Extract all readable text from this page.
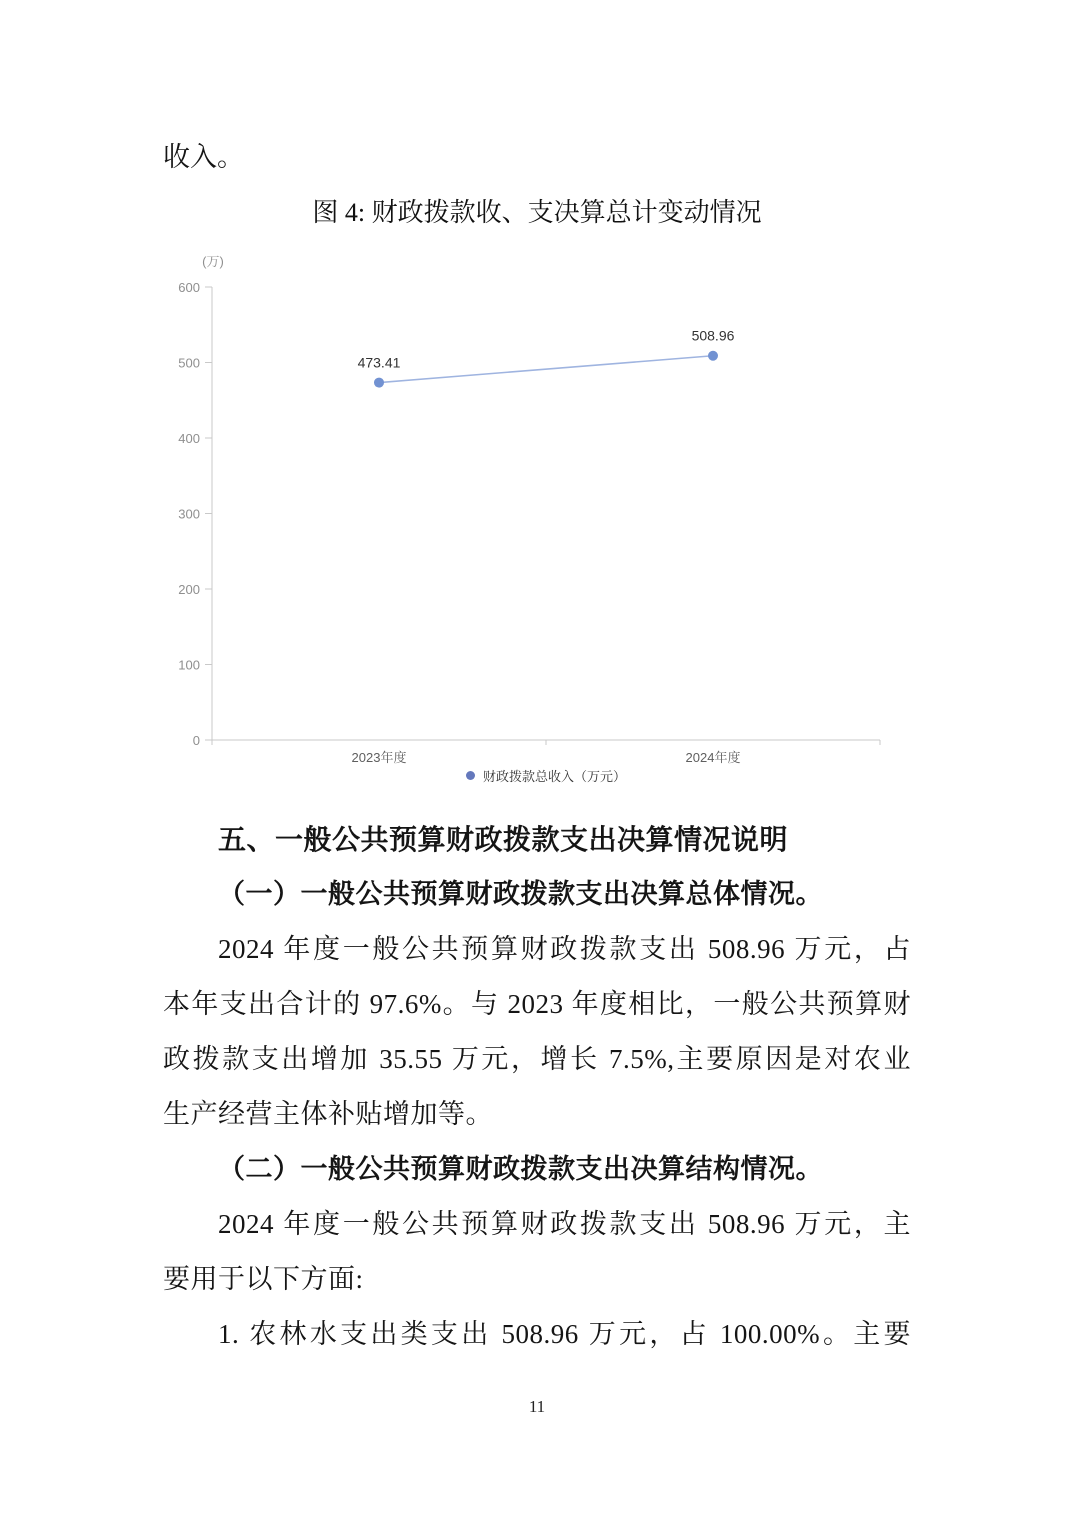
收入。
图 4: 财政拨款收、支决算总计变动情况
(万)
600
500
400
300
200
100
0
2023年度	2024年度
473.41
508.96
财政拨款总收入（万元）
五、一般公共预算财政拨款支出决算情况说明
（一）一般公共预算财政拨款支出决算总体情况。
2024 年度一般公共预算财政拨款支出 508.96 万元，占
本年支出合计的 97.6%。与 2023 年度相比，一般公共预算财
政拨款支出增加 35.55 万元，增长 7.5%,主要原因是对农业
生产经营主体补贴增加等。
（二）一般公共预算财政拨款支出决算结构情况。
2024 年度一般公共预算财政拨款支出 508.96 万元，主
要用于以下方面:
1. 农林水支出类支出 508.96 万元，占 100.00%。主要
11
